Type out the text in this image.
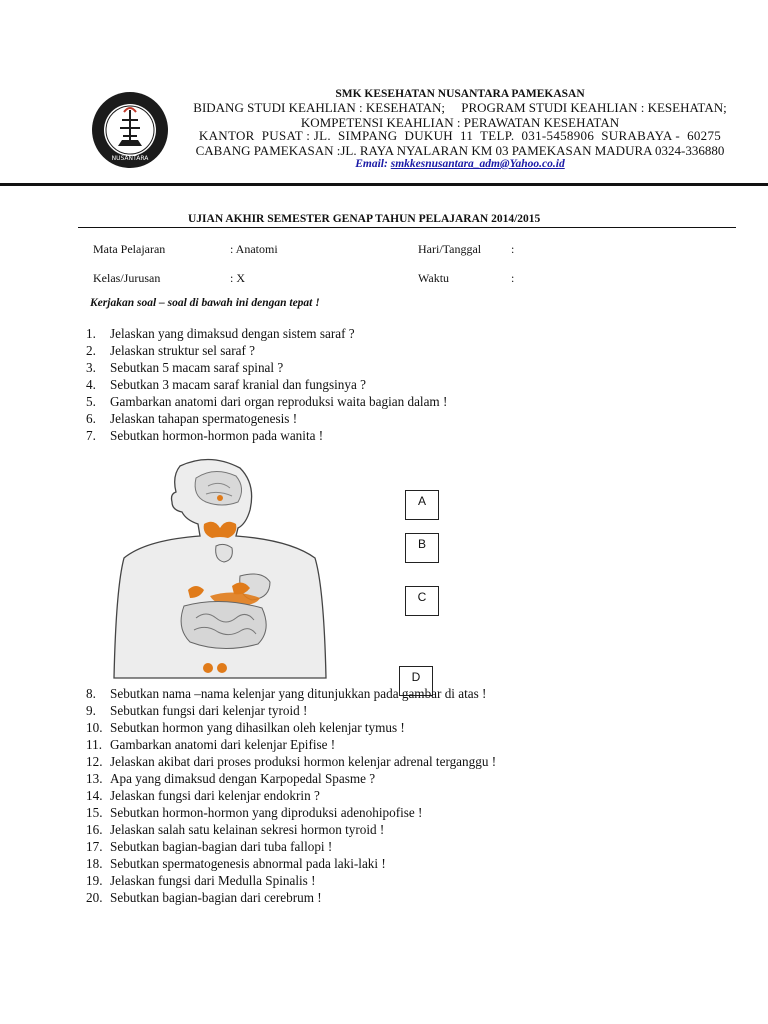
NUSANTARA
SMK KESEHATAN NUSANTARA PAMEKASAN
BIDANG STUDI KEAHLIAN : KESEHATAN;     PROGRAM STUDI KEAHLIAN : KESEHATAN;
KOMPETENSI KEAHLIAN : PERAWATAN KESEHATAN
KANTOR  PUSAT : JL.  SIMPANG  DUKUH  11  TELP.  031-5458906  SURABAYA -  60275
CABANG PAMEKASAN :JL. RAYA NYALARAN KM 03 PAMEKASAN MADURA 0324-336880
Email: smkkesnusantara_adm@Yahoo.co.id
UJIAN AKHIR SEMESTER GENAP TAHUN PELAJARAN 2014/2015
Mata Pelajaran	: Anatomi	Hari/Tanggal :
Kelas/Jurusan	: X	Waktu	:
Kerjakan soal – soal di bawah ini dengan tepat !
1. Jelaskan yang dimaksud dengan sistem saraf ?
2. Jelaskan struktur sel saraf ?
3. Sebutkan 5 macam saraf spinal ?
4. Sebutkan 3 macam saraf kranial dan fungsinya ?
5. Gambarkan anatomi dari organ reproduksi waita bagian dalam !
6. Jelaskan tahapan spermatogenesis !
7. Sebutkan hormon-hormon pada wanita !
A
B
C
D
8. Sebutkan nama –nama kelenjar yang ditunjukkan pada gambar di atas !
9. Sebutkan fungsi dari kelenjar tyroid !
10. Sebutkan hormon yang dihasilkan oleh kelenjar tymus !
11. Gambarkan anatomi dari kelenjar Epifise !
12. Jelaskan akibat dari proses produksi hormon kelenjar adrenal terganggu !
13. Apa yang dimaksud dengan Karpopedal Spasme ?
14. Jelaskan fungsi dari kelenjar endokrin ?
15. Sebutkan hormon-hormon yang diproduksi adenohipofise !
16. Jelaskan salah satu kelainan sekresi hormon tyroid !
17. Sebutkan bagian-bagian dari tuba fallopi !
18. Sebutkan spermatogenesis abnormal pada laki-laki !
19. Jelaskan fungsi dari Medulla Spinalis !
20. Sebutkan bagian-bagian dari cerebrum !
